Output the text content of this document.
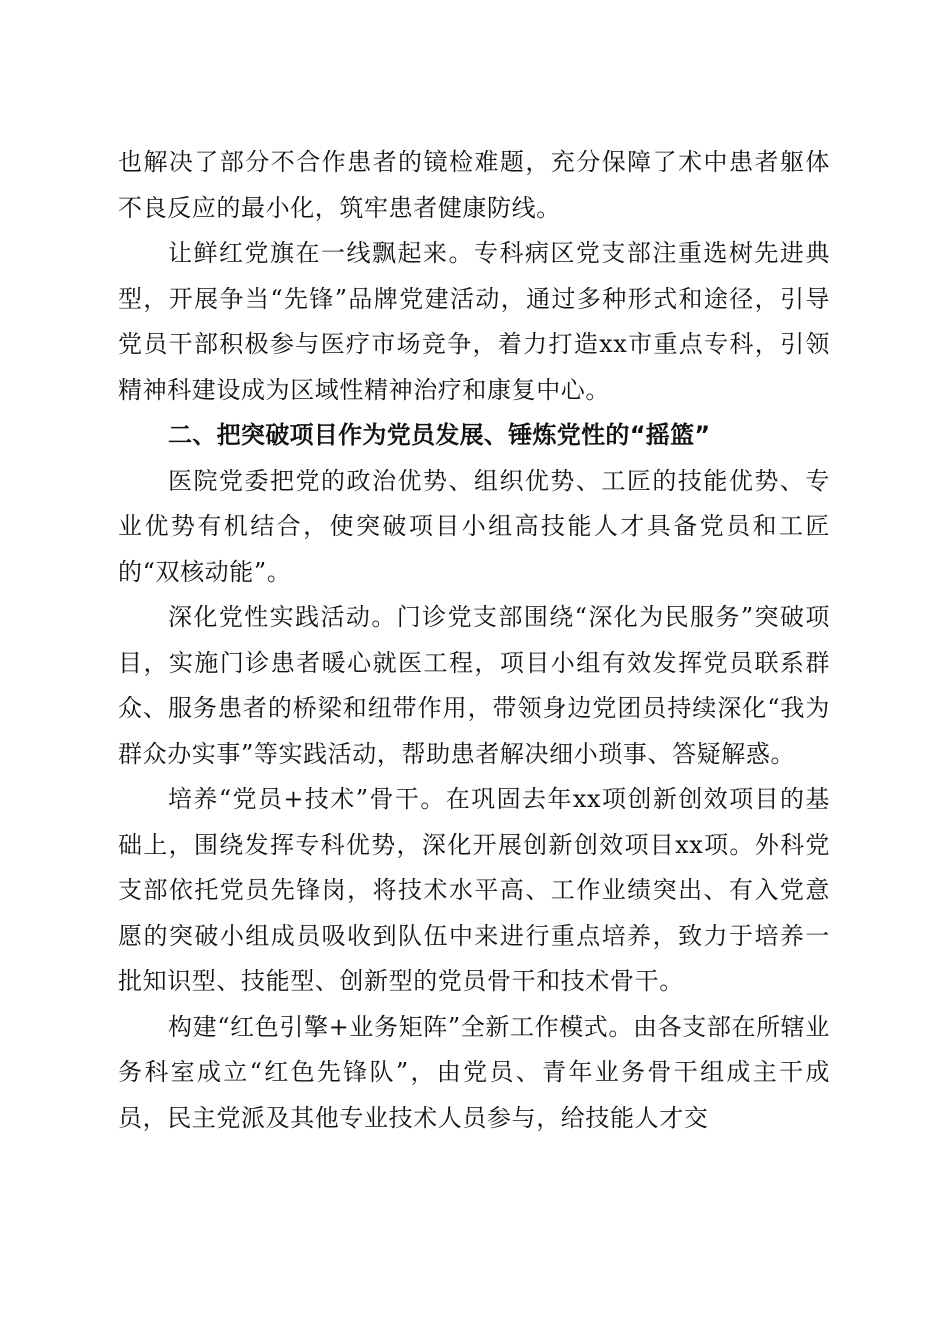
也解决了部分不合作患者的镜检难题，充分保障了术中患者躯体不良反应的最小化，筑牢患者健康防线。

让鲜红党旗在一线飘起来。专科病区党支部注重选树先进典型，开展争当“先锋”品牌党建活动，通过多种形式和途径，引导党员干部积极参与医疗市场竞争，着力打造xx市重点专科，引领精神科建设成为区域性精神治疗和康复中心。

二、把突破项目作为党员发展、锤炼党性的“摇篮”

医院党委把党的政治优势、组织优势、工匠的技能优势、专业优势有机结合，使突破项目小组高技能人才具备党员和工匠的“双核动能”。

深化党性实践活动。门诊党支部围绕“深化为民服务”突破项目，实施门诊患者暖心就医工程，项目小组有效发挥党员联系群众、服务患者的桥梁和纽带作用，带领身边党团员持续深化“我为群众办实事”等实践活动，帮助患者解决细小琐事、答疑解惑。

培养“党员+技术”骨干。在巩固去年xx项创新创效项目的基础上，围绕发挥专科优势，深化开展创新创效项目xx项。外科党支部依托党员先锋岗，将技术水平高、工作业绩突出、有入党意愿的突破小组成员吸收到队伍中来进行重点培养，致力于培养一批知识型、技能型、创新型的党员骨干和技术骨干。

构建“红色引擎+业务矩阵”全新工作模式。由各支部在所辖业务科室成立“红色先锋队”，由党员、青年业务骨干组成主干成员，民主党派及其他专业技术人员参与，给技能人才交
